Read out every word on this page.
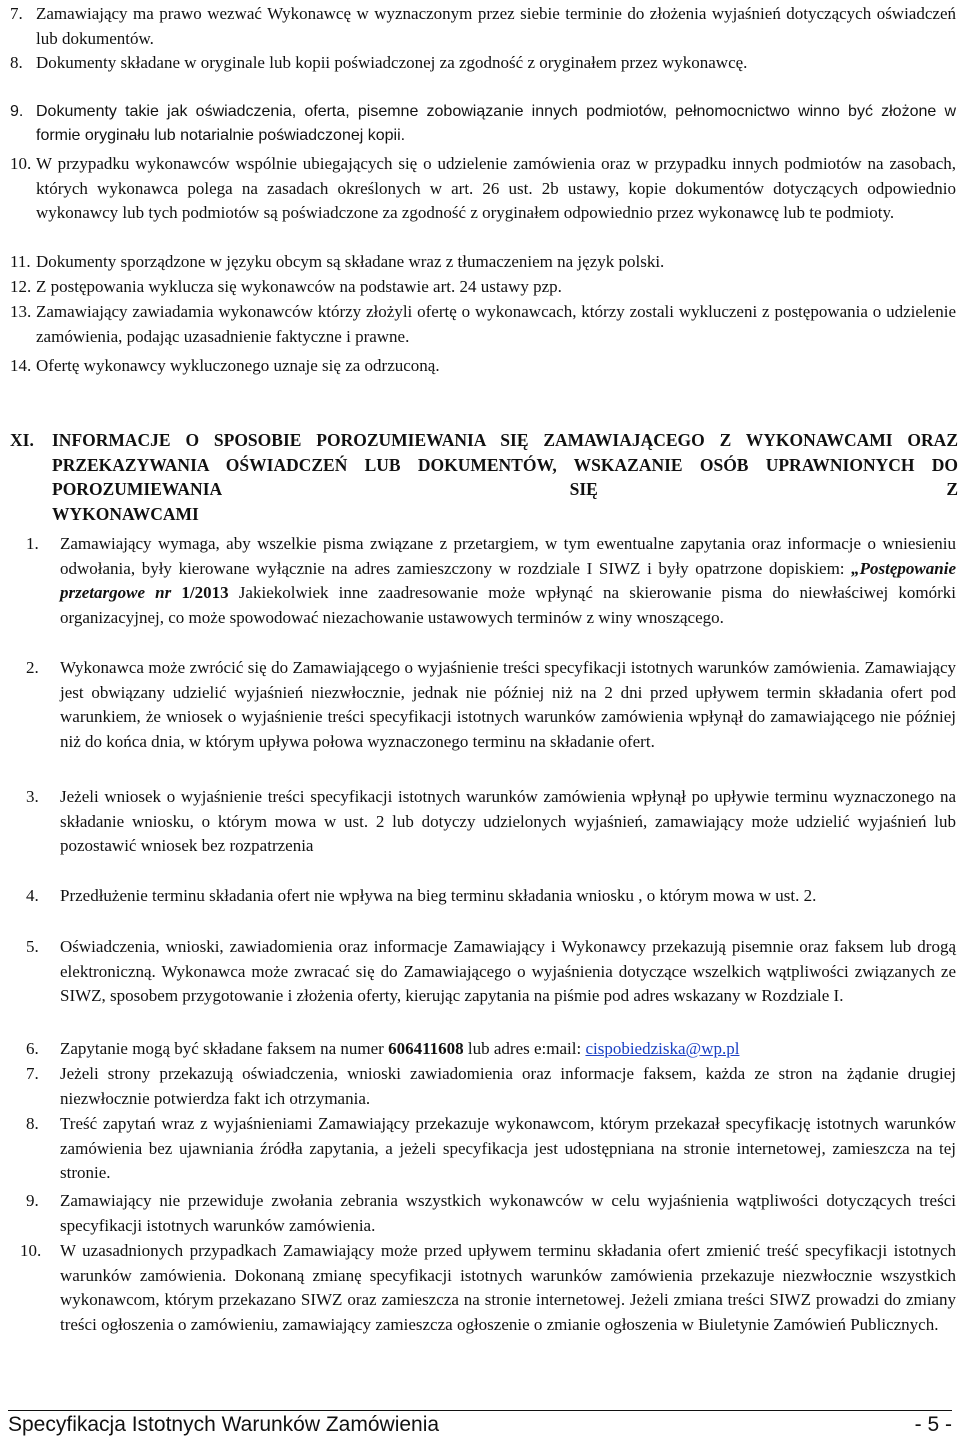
7. Zamawiający ma prawo wezwać Wykonawcę w wyznaczonym przez siebie terminie do złożenia wyjaśnień dotyczących oświadczeń lub dokumentów.
8. Dokumenty składane w oryginale lub kopii poświadczonej za zgodność z oryginałem przez wykonawcę.
9. Dokumenty takie jak oświadczenia, oferta, pisemne zobowiązanie innych podmiotów, pełnomocnictwo winno być złożone w formie oryginału lub notarialnie poświadczonej kopii.
10. W przypadku wykonawców wspólnie ubiegających się o udzielenie zamówienia oraz w przypadku innych podmiotów na zasobach, których wykonawca polega na zasadach określonych w art. 26 ust. 2b ustawy, kopie dokumentów dotyczących odpowiednio wykonawcy lub tych podmiotów są poświadczone za zgodność z oryginałem odpowiednio przez wykonawcę lub te podmioty.
11. Dokumenty sporządzone w języku obcym są składane wraz z tłumaczeniem na język polski.
12. Z postępowania wyklucza się wykonawców na podstawie art. 24 ustawy pzp.
13. Zamawiający zawiadamia wykonawców którzy złożyli ofertę o wykonawcach, którzy zostali wykluczeni z postępowania o udzielenie zamówienia, podając uzasadnienie faktyczne i prawne.
14. Ofertę wykonawcy wykluczonego uznaje się za odrzuconą.
XI. INFORMACJE O SPOSOBIE POROZUMIEWANIA SIĘ ZAMAWIAJĄCEGO Z WYKONAWCAMI ORAZ PRZEKAZYWANIA OŚWIADCZEŃ LUB DOKUMENTÓW, WSKAZANIE OSÓB UPRAWNIONYCH DO POROZUMIEWANIA SIĘ Z
WYKONAWCAMI
1. Zamawiający wymaga, aby wszelkie pisma związane z przetargiem, w tym ewentualne zapytania oraz informacje o wniesieniu odwołania, były kierowane wyłącznie na adres zamieszczony w rozdziale I SIWZ i były opatrzone dopiskiem: „Postępowanie przetargowe nr 1/2013 Jakiekolwiek inne zaadresowanie może wpłynąć na skierowanie pisma do niewłaściwej komórki organizacyjnej, co może spowodować niezachowanie ustawowych terminów z winy wnoszącego.
2. Wykonawca może zwrócić się do Zamawiającego o wyjaśnienie treści specyfikacji istotnych warunków zamówienia. Zamawiający jest obwiązany udzielić wyjaśnień niezwłocznie, jednak nie później niż na 2 dni przed upływem termin składania ofert pod warunkiem, że wniosek o wyjaśnienie treści specyfikacji istotnych warunków zamówienia wpłynął do zamawiającego nie później niż do końca dnia, w którym upływa połowa wyznaczonego terminu na składanie ofert.
3. Jeżeli wniosek o wyjaśnienie treści specyfikacji istotnych warunków zamówienia wpłynął po upływie terminu wyznaczonego na składanie wniosku, o którym mowa w ust. 2 lub dotyczy udzielonych wyjaśnień, zamawiający może udzielić wyjaśnień lub pozostawić wniosek bez rozpatrzenia
4. Przedłużenie terminu składania ofert nie wpływa na bieg terminu składania wniosku , o którym mowa w ust. 2.
5. Oświadczenia, wnioski, zawiadomienia oraz informacje Zamawiający i Wykonawcy przekazują pisemnie oraz faksem lub drogą elektroniczną. Wykonawca może zwracać się do Zamawiającego o wyjaśnienia dotyczące wszelkich wątpliwości związanych ze SIWZ, sposobem przygotowanie i złożenia oferty, kierując zapytania na piśmie pod adres wskazany w Rozdziale I.
6. Zapytanie mogą być składane faksem na numer 606411608 lub adres e:mail: cispobiedziska@wp.pl
7. Jeżeli strony przekazują oświadczenia, wnioski zawiadomienia oraz informacje faksem, każda ze stron na żądanie drugiej niezwłocznie potwierdza fakt ich otrzymania.
8. Treść zapytań wraz z wyjaśnieniami Zamawiający przekazuje wykonawcom, którym przekazał specyfikację istotnych warunków zamówienia bez ujawniania źródła zapytania, a jeżeli specyfikacja jest udostępniana na stronie internetowej, zamieszcza na tej stronie.
9. Zamawiający nie przewiduje zwołania zebrania wszystkich wykonawców w celu wyjaśnienia wątpliwości dotyczących treści specyfikacji istotnych warunków zamówienia.
10. W uzasadnionych przypadkach Zamawiający może przed upływem terminu składania ofert zmienić treść specyfikacji istotnych warunków zamówienia. Dokonaną zmianę specyfikacji istotnych warunków zamówienia przekazuje niezwłocznie wszystkich wykonawcom, którym przekazano SIWZ oraz zamieszcza na stronie internetowej. Jeżeli zmiana treści SIWZ prowadzi do zmiany treści ogłoszenia o zamówieniu, zamawiający zamieszcza ogłoszenie o zmianie ogłoszenia w Biuletynie Zamówień Publicznych.
Specyfikacja Istotnych Warunków Zamówienia	- 5 -
